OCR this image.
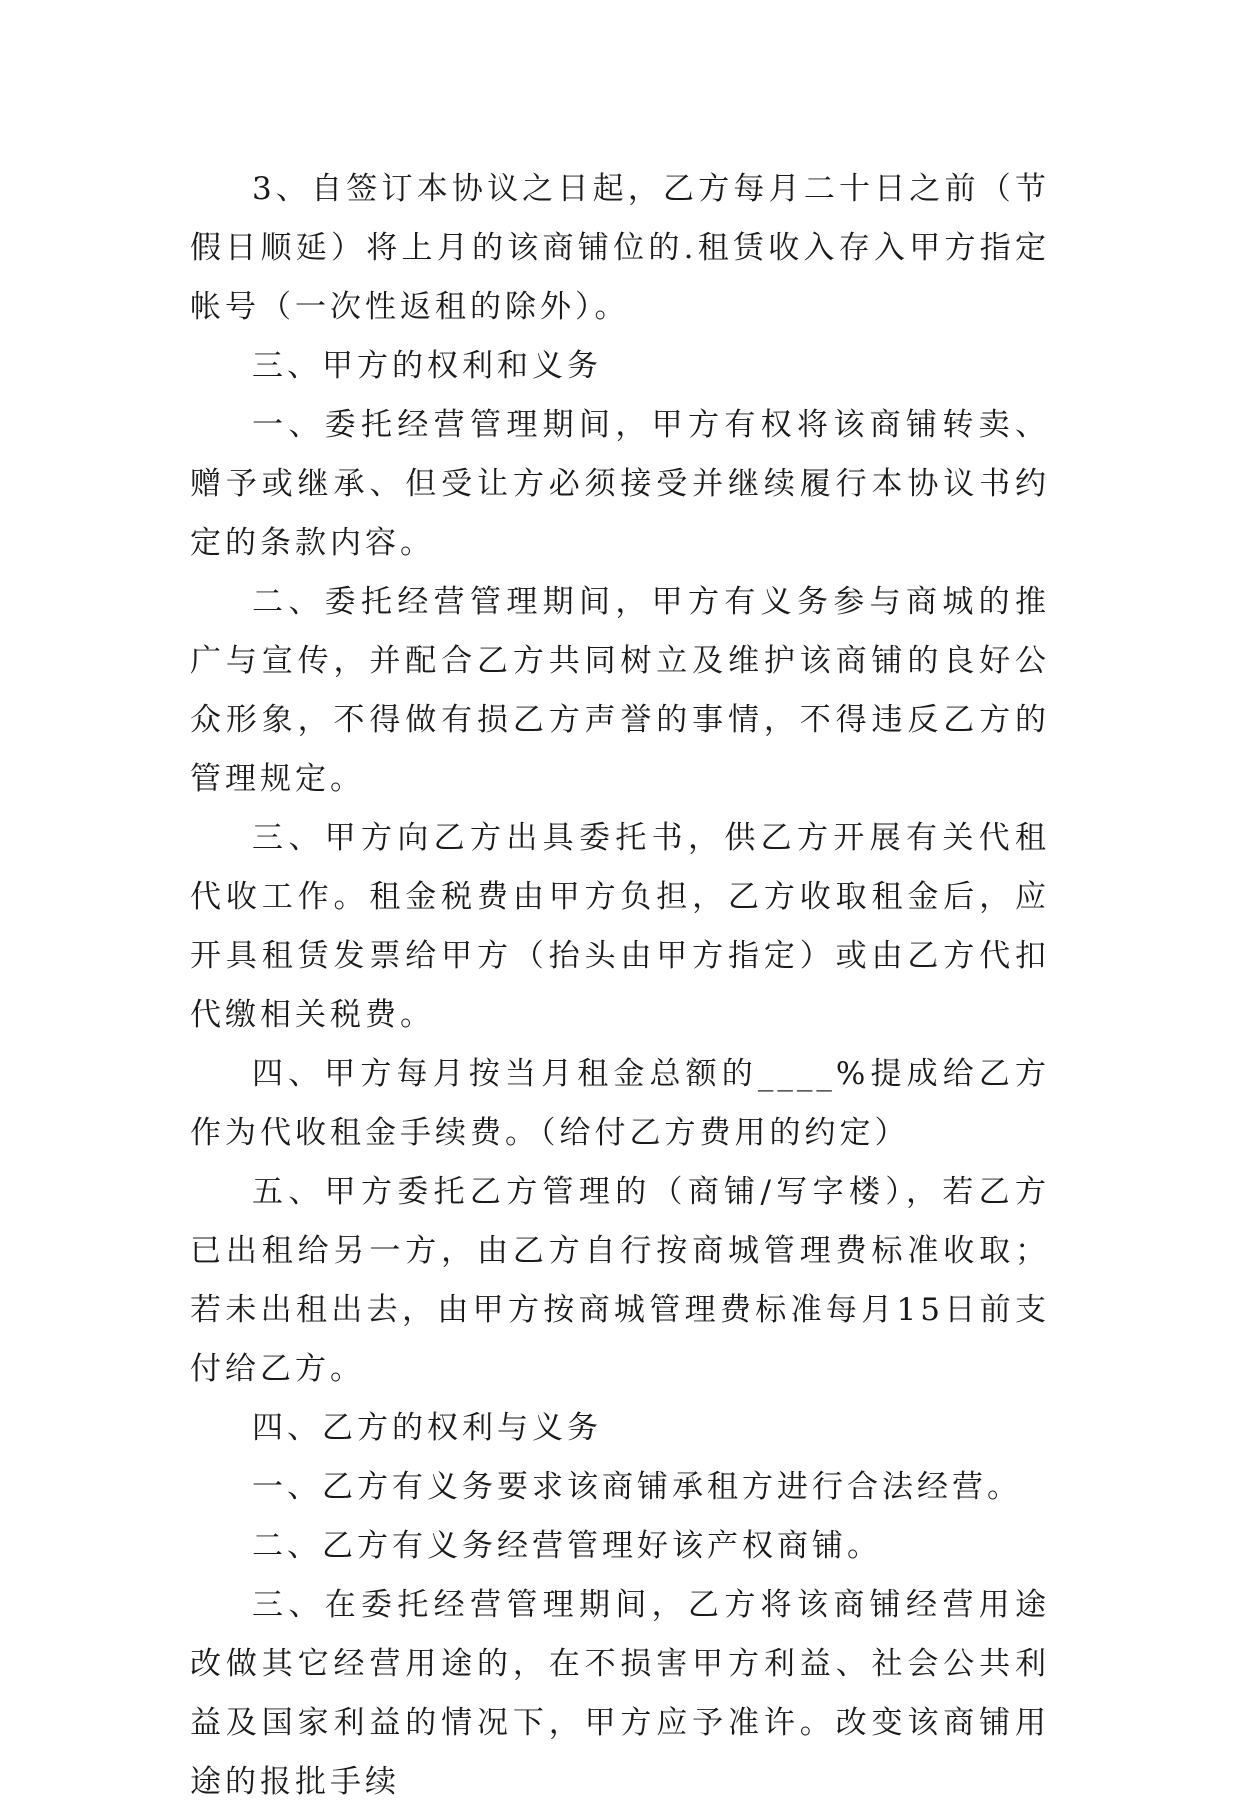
3、自签订本协议之日起，乙方每月二十日之前（节假日顺延）将上月的该商铺位的.租赁收入存入甲方指定帐号（一次性返租的除外）。

三、甲方的权利和义务

一、委托经营管理期间，甲方有权将该商铺转卖、赠予或继承、但受让方必须接受并继续履行本协议书约定的条款内容。

二、委托经营管理期间，甲方有义务参与商城的推广与宣传，并配合乙方共同树立及维护该商铺的良好公众形象，不得做有损乙方声誉的事情，不得违反乙方的管理规定。

三、甲方向乙方出具委托书，供乙方开展有关代租代收工作。租金税费由甲方负担，乙方收取租金后，应开具租赁发票给甲方（抬头由甲方指定）或由乙方代扣代缴相关税费。

四、甲方每月按当月租金总额的____%提成给乙方作为代收租金手续费。（给付乙方费用的约定）

五、甲方委托乙方管理的（商铺/写字楼），若乙方已出租给另一方，由乙方自行按商城管理费标准收取；若未出租出去，由甲方按商城管理费标准每月15日前支付给乙方。

四、乙方的权利与义务

一、乙方有义务要求该商铺承租方进行合法经营。

二、乙方有义务经营管理好该产权商铺。

三、在委托经营管理期间，乙方将该商铺经营用途改做其它经营用途的，在不损害甲方利益、社会公共利益及国家利益的情况下，甲方应予准许。改变该商铺用途的报批手续
